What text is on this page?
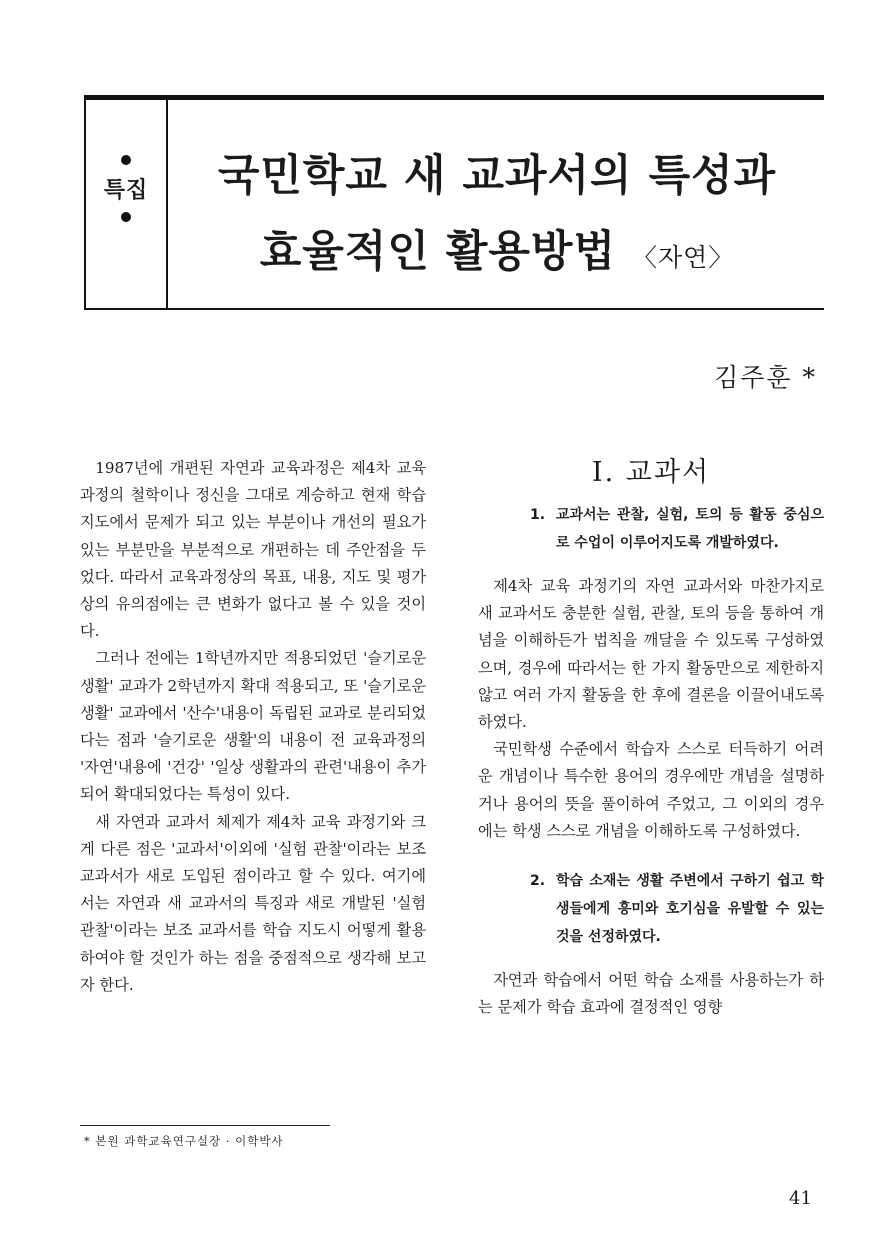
특집	국민학교 새 교과서의 특성과
효율적인 활용방법 〈자연〉
김주훈 *

1987년에 개편된 자연과 교육과정은 제4차 교육과정의 철학이나 정신을 그대로 계승하고 현재 학습 지도에서 문제가 되고 있는 부분이나 개선의 필요가 있는 부분만을 부분적으로 개편하는 데 주안점을 두었다. 따라서 교육과정상의 목표, 내용, 지도 및 평가상의 유의점에는 큰 변화가 없다고 볼 수 있을 것이다.

그러나 전에는 1학년까지만 적용되었던 '슬기로운 생활' 교과가 2학년까지 확대 적용되고, 또 '슬기로운 생활' 교과에서 '산수'내용이 독립된 교과로 분리되었다는 점과 '슬기로운 생활'의 내용이 전 교육과정의 '자연'내용에 '건강' '일상 생활과의 관련'내용이 추가되어 확대되었다는 특성이 있다.

새 자연과 교과서 체제가 제4차 교육 과정기와 크게 다른 점은 '교과서'이외에 '실험 관찰'이라는 보조 교과서가 새로 도입된 점이라고 할 수 있다. 여기에서는 자연과 새 교과서의 특징과 새로 개발된 '실험 관찰'이라는 보조 교과서를 학습 지도시 어떻게 활용하여야 할 것인가 하는 점을 중점적으로 생각해 보고자 한다.

Ⅰ. 교과서
1. 교과서는 관찰, 실험, 토의 등 활동 중심으로 수업이 이루어지도록 개발하였다.

제4차 교육 과정기의 자연 교과서와 마찬가지로 새 교과서도 충분한 실험, 관찰, 토의 등을 통하여 개념을 이해하든가 법칙을 깨달을 수 있도록 구성하였으며, 경우에 따라서는 한 가지 활동만으로 제한하지 않고 여러 가지 활동을 한 후에 결론을 이끌어내도록 하였다.

국민학생 수준에서 학습자 스스로 터득하기 어려운 개념이나 특수한 용어의 경우에만 개념을 설명하거나 용어의 뜻을 풀이하여 주었고, 그 이외의 경우에는 학생 스스로 개념을 이해하도록 구성하였다.

2. 학습 소재는 생활 주변에서 구하기 쉽고 학생들에게 흥미와 호기심을 유발할 수 있는 것을 선정하였다.

자연과 학습에서 어떤 학습 소재를 사용하는가 하는 문제가 학습 효과에 결정적인 영향

* 본원 과학교육연구실장 · 이학박사
41
